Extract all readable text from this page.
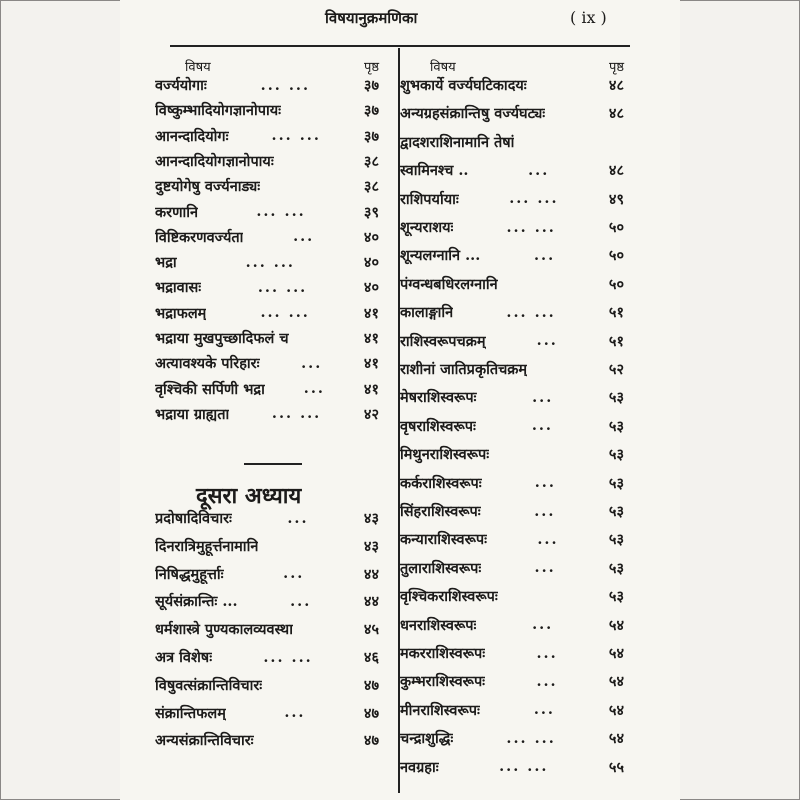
विषयानुक्रमणिका	( ix )
विषय	पृष्ठ
वर्ज्ययोगाः	... ...	३७
विष्कुम्भादियोगज्ञानोपायः	३७
आनन्दादियोगः	... ...	३७
आनन्दादियोगज्ञानोपायः	३८
दुष्टयोगेषु वर्ज्यनाड्यः	३८
करणानि	... ...	३९
विष्टिकरणवर्ज्यता	...	४०
भद्रा	... ...	४०
भद्रावासः	... ...	४०
भद्राफलम्	... ...	४१
भद्राया मुखपुच्छादिफलं च	४१
अत्यावश्यके परिहारः	...	४१
वृश्चिकी सर्पिणी भद्रा	...	४१
भद्राया ग्राह्यता	... ...	४२
दूसरा अध्याय
प्रदोषादिविचारः	...	४३
दिनरात्रिमुहूर्त्तनामानि	४३
निषिद्धमुहूर्त्ताः	...	४४
सूर्यसंक्रान्तिः ...	...	४४
धर्मशास्त्रे पुण्यकालव्यवस्था	४५
अत्र विशेषः	... ...	४६
विषुवत्संक्रान्तिविचारः	४७
संक्रान्तिफलम्	...	४७
अन्यसंक्रान्तिविचारः	४७
विषय	पृष्ठ
शुभकार्ये वर्ज्यघटिकादयः	४८
अन्यग्रहसंक्रान्तिषु वर्ज्यघट्यः	४८
द्वादशराशिनामानि तेषां
स्वामिनश्च ..	...	४८
राशिपर्यायाः	... ...	४९
शून्यराशयः	... ...	५०
शून्यलग्नानि ...	...	५०
पंग्वन्धबधिरलग्नानि	५०
कालाङ्गानि	... ...	५१
राशिस्वरूपचक्रम्	...	५१
राशीनां जातिप्रकृतिचक्रम्	५२
मेषराशिस्वरूपः	...	५३
वृषराशिस्वरूपः	...	५३
मिथुनराशिस्वरूपः	५३
कर्कराशिस्वरूपः	...	५३
सिंहराशिस्वरूपः	...	५३
कन्याराशिस्वरूपः	...	५३
तुलाराशिस्वरूपः	...	५३
वृश्चिकराशिस्वरूपः	५३
धनराशिस्वरूपः	...	५४
मकरराशिस्वरूपः	...	५४
कुम्भराशिस्वरूपः	...	५४
मीनराशिस्वरूपः	...	५४
चन्द्राशुद्धिः	... ...	५४
नवग्रहाः	... ...	५५
